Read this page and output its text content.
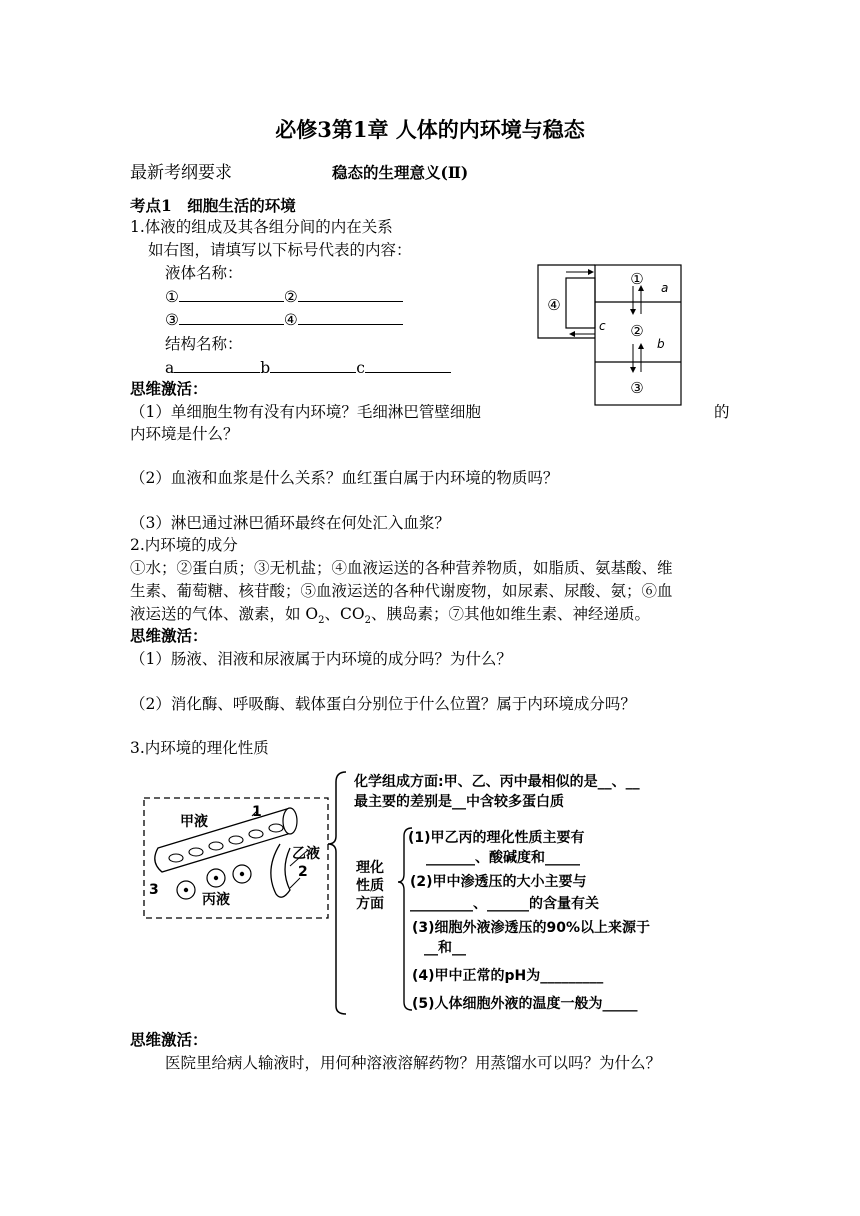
必修3第1章 人体的内环境与稳态
最新考纲要求	稳态的生理意义(Ⅱ)
考点1　细胞生活的环境
1.体液的组成及其各组分间的内在关系
如右图，请填写以下标号代表的内容：
液体名称：
①	②
③	④
结构名称：
a	b	c
思维激活：
（1）单细胞生物有没有内环境？毛细淋巴管壁细胞	的
内环境是什么？
（2）血液和血浆是什么关系？血红蛋白属于内环境的物质吗？
（3）淋巴通过淋巴循环最终在何处汇入血浆？
①
②
③
④
a
b
c
2.内环境的成分
①水；②蛋白质；③无机盐；④血液运送的各种营养物质，如脂质、氨基酸、维
生素、葡萄糖、核苷酸；⑤血液运送的各种代谢废物，如尿素、尿酸、氨；⑥血
液运送的气体、激素，如 $O_2$、$CO_2$、胰岛素；⑦其他如维生素、神经递质。
思维激活：
（1）肠液、泪液和尿液属于内环境的成分吗？为什么？
（2）消化酶、呼吸酶、载体蛋白分别位于什么位置？属于内环境成分吗？
3.内环境的理化性质
甲液
1
乙液
2
3
丙液
化学组成方面:甲、乙、丙中最相似的是__、__
最主要的差别是__中含较多蛋白质
理化
性质
方面
(1)甲乙丙的理化性质主要有
_______、酸碱度和_____
(2)甲中渗透压的大小主要与
_________、______的含量有关
(3)细胞外液渗透压的90%以上来源于
__和__
(4)甲中正常的pH为_________
(5)人体细胞外液的温度一般为_____
思维激活：
医院里给病人输液时，用何种溶液溶解药物？用蒸馏水可以吗？为什么？
